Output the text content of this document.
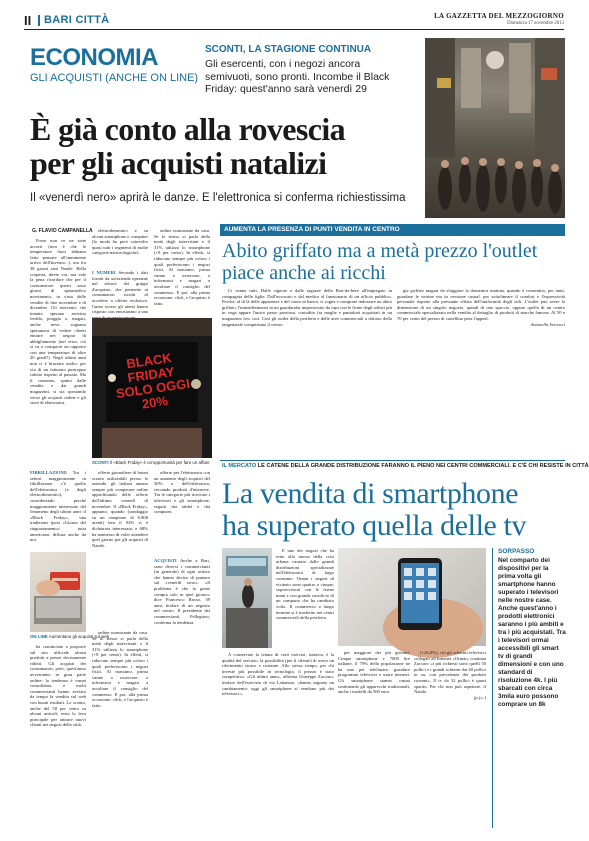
II BARI CITTÀ	LA GAZZETTA DEL MEZZOGIORNO
Domenica 17 novembre 2013
ECONOMIA
GLI ACQUISTI (ANCHE ON LINE)
SCONTI, LA STAGIONE CONTINUA
Gli esercenti, con i negozi ancora semivuoti, sono pronti. Incombe il Black Friday: quest'anno sarà venerdì 29
È già conto alla rovescia
per gli acquisti natalizi
Il «venerdì nero» aprirà le danze. E l'elettronica si conferma richiestissima
G. FLAVIO CAMPANELLA

Forse non ve ne siete accorti (non è che le temperature fuori abbiano fatto pensare all'imminente arrivo dell'inverno...), ma fra 38 giorni sarà Natale. Bella scoperta, direte voi, ma vale la pena ricordare che per il consumatore questi sono giorni di spasmodico movimento, in vista delle vendite di fine novembre e di dicembre. Gli esercenti, che intanto sperano arrivino freddo, pioggia o, magari, anche neve, sognano speranzosi di vedere clienti entrare nei negozi di abbigliamento (nel resto, ciò si va a comporre un rapporto con una temperatura di oltre 20 gradi?). Negli ultimi anni non ci è bruciato molto, per via di un fatturato purtroppo ridotto rispetto al passato. Ma il consumo, spinto dalle vendite e dai grandi magazzini, si sta spostando verso gli acquisti online e gli store di elettronica.

FIBRILLAZIONE Tra i settori maggiormente in fibrillazione c'è quello dell'elettronica (e degli elettrodomestici), considerando perché maggiormente interessato dal fenomeno degli ultimi anni: il «Black Friday», una tradizione ipost «Giorno del ringraziamento» tutta americana, diffusa anche da noi.

elettrodomestici e su alcuni smartphone e computer (la moda ha però coinvolto quasi tutti i segmenti di molte categorie merceologiche).

I NUMERI Secondo i dati forniti da un'azienda operante nel settore dei gruppi d'acquisto, che permette ai consumatori iscritti di accedere a offerte esclusive, l'anno scorso gli utenti hanno risposto con entusiasmo a una

online nonostante da casa. Se lo stesso si parla della metà degli intervistati e il 31% utilizza lo smartphone (+8 per cento). In effetti, si riducono sempre più coloro i quali preferiscono i negozi fisici. Al massimo, prima vanno a osservare, a informarsi e magari a ascoltare il consiglio del commesso. E poi, alla prima occasione: click, e l'acquisto è fatto.

BLACK FRIDAY SOLO OGGI 20%
SCONTI Il «Black Friday» è un'opportunità per fare un affare

offerte giornaliere di buoni sconto utilizzabili presso le aziende, gli italiani amano sempre più comperare online approfittando delle offerte dell'ultimo venerdì di novembre. Il «Black Friday», appunto, quando (sondaggio su un campione di 6.800 utenti) ben il 92% si è dichiarata interessata, e 68% ha ammesso di voler attendere quel giorno per gli acquisti di Natale.

offerte per l'elettronica con un aumento degli acquisti del 30% e dell'elettronica, cercando prodotti d'interesse. Tra le categorie più ricercate i televisori e gli smartphone, seguiti dai tablet e dai computer.

ACQUISTI Anche a Bari, sono diversi i commercianti (in generale) di ogni settore che hanno deciso di puntare sul «venerdì nero»: «Il problema è che la gente compra solo in quel giorno» dice Francesco Russo, 39 anni, titolare di un negozio nel centro. Il presidente dei commercianti, Pellegrino, conferma la tendenza.
ON LINE Aumentano gli acquisti sul web

ha cominciato a proporre sul sito ufficiale alcuni prodotti a prezzi decisamente ridotti. Gli acquisti dei consumatori, però, quest'anno avverranno in gran parte online: la tendenza è ormai consolidata, e molti commercianti hanno avviato da tempo la vendita sul web con buoni risultati. Lo sconto, anche del 50 per cento su alcuni articoli, resta la leva principale per attirare nuovi clienti nei negozi della città.

online nonostante da casa. Se lo stesso si parla della metà degli intervistati e il 31% utilizza lo smartphone (+8 per cento). In effetti, si riducono sempre più coloro i quali preferiscono i negozi fisici. Al massimo, prima vanno a osservare, a informarsi e magari a ascoltare il consiglio del commesso. E poi, alla prima occasione: click, e l'acquisto è fatto.

AUMENTA LA PRESENZA DI PUNTI VENDITA IN CENTRO
Abito griffato ma a metà prezzo l'outlet piace anche ai ricchi

Ci vanno tutti. Dalle signore e dalle ragazze della Bari-da-bere all'impiegato in compagnia delle figlie. Dall'avvocato e dal medico al funzionario di un ufficio pubblico. Perché, al di là delle apparenze e del conto in banca, ci sogna e comprare indossare un abito griffato, l'immedesimarsi in un guardaroba impreziosito da capi con le firme degli stilisti più in voga appare l'unico passo prezioso, custodito fra maglie e pantaloni acquistati in un magazzino low cost. Così gli outlet della periferia e delle aree commerciali a ridosso della tangenziale conquistano il centro.

gie griffate magari da sfoggiare la domenica mattina, quando è consentito, per tanti, guardare le vetrine ma in versione casual, per sottolineare il comfort e l'espressività personale rispetto alla pressante sfilata dell'uniformità degli stili. L'outlet può avere la dimensione di un singolo negozio, quindi di uno spaccio, oppure quella di un centro commerciale specializzato nella vendita al dettaglio di prodotti di marche famose. Al 50 e 70 per cento del prezzo di cartellino pesa l'appeal.

Antonella Serracci
IL MERCATO LE CATENE DELLA GRANDE DISTRIBUZIONE FARANNO IL PIENO NEI CENTRI COMMERCIALI. E C'È CHI RESISTE IN CITTÀ
La vendita di smartphone
ha superato quella delle tv

E uno dei negozi che ha retto alla morsa della crisi urbana causata dalle grandi distribuzioni specializzate nell'elettronica di largo consumo. Ormai i negozi di vicinato sono quattro o cinque, sopravvissuti con le ferme mani e con grande sacrificio di un comparto che ha cambiato volto. Il commercio a lungo termine si è trasferito nei centri commerciali della periferia.

A conservare la tenuta di certi esercizi, tuttavia, è la qualità del servizio, la possibilità (per il cliente) di avere un riferimento sicuro e costante. Allo stesso tempo, per chi investe più possibile in tecnologia, il prezzo è stato competitivo. «Gli ultimi anni», afferma Giuseppe Zaccaro, titolare dell'esercizio di via Lattanzio, «hanno segnato un cambiamento: oggi gli smartphone si vendono più dei televisori.»

per maggiore dei più giovani. Cinque smartphone e 7000 lire italiane, il 79% della popolazione ne ha uno per telefonare, guardare programmi televisivi e usare internet. Gli smartphone stanno ormai sostituendo gli apparecchi tradizionali, anche i modelli da 500 euro.

(+26,8%), ciò gli schermi televisivi collegati ad Internet «Ormai» continua Zaccaro «i più richiesti sono quelli 50 pollici e i grandi schermi dai 40 pollici in su, con prevalenza dei prodotti coreani». Il tv da 32 pollici è quasi sparito. Per chi non può aspettare, il Natale.

(p.f.c.)
SORPASSO
Nel comparto dei dispositivi per la prima volta gli smartphone hanno superato i televisori nelle nostre case. Anche quest'anno i prodotti elettronici saranno i più ambiti e tra i più acquistati. Tra i televisori ormai accessibili gli smart tv di grandi dimensioni e con uno standard di risoluzione 4k. I più sbarcati con circa 3mila euro possono comprare un 8k
